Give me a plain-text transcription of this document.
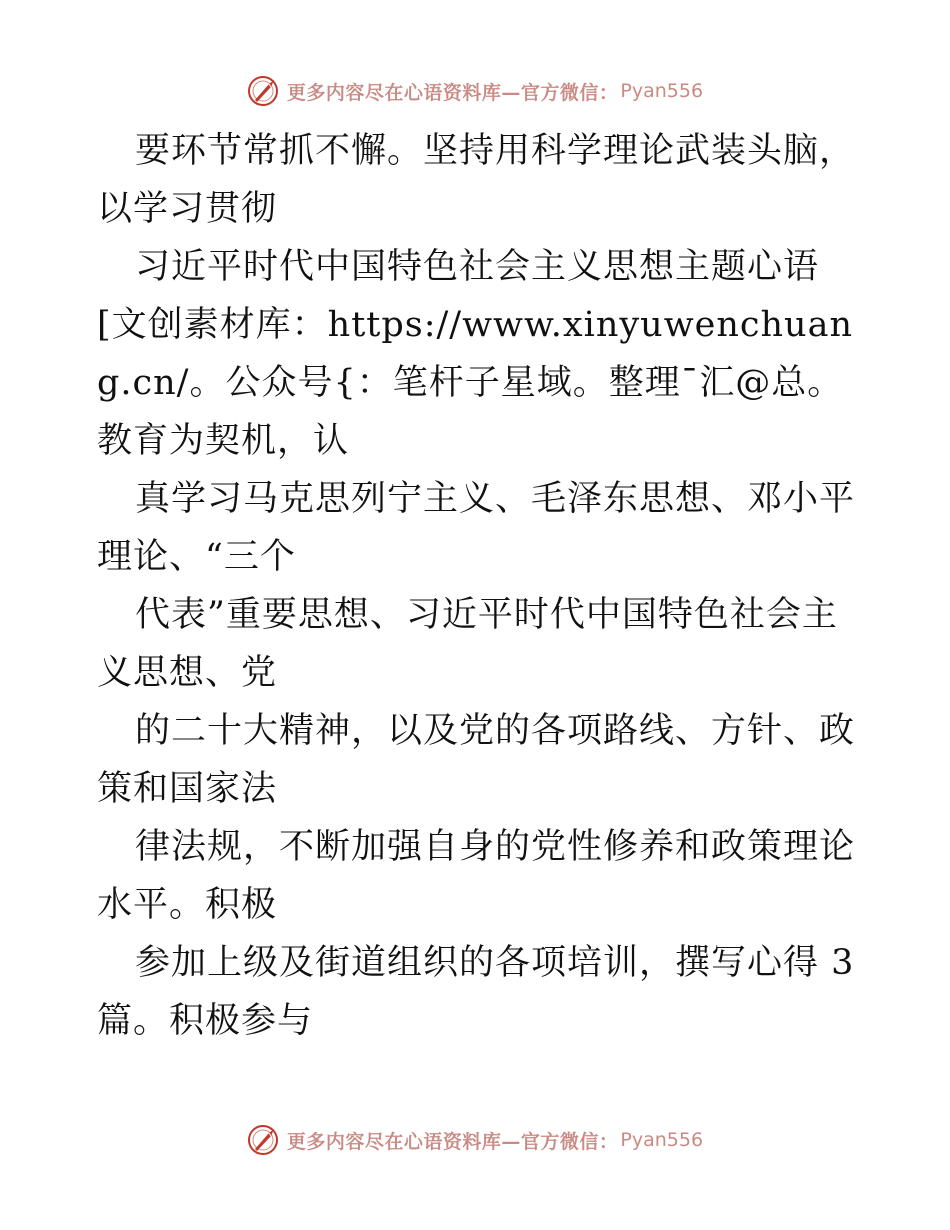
更多内容尽在心语资料库—官方微信： Pyan556

要环节常抓不懈。坚持用科学理论武装头脑，以学习贯彻

习近平时代中国特色社会主义思想主题心语[文创素材库：https://www.xinyuwenchuang.cn/。公众号{：笔杆子星域。整理¯汇@总。教育为契机，认

真学习马克思列宁主义、毛泽东思想、邓小平理论、“三个

代表”重要思想、习近平时代中国特色社会主义思想、党

的二十大精神，以及党的各项路线、方针、政策和国家法

律法规，不断加强自身的党性修养和政策理论水平。积极

参加上级及街道组织的各项培训，撰写心得 3 篇。积极参与

更多内容尽在心语资料库—官方微信： Pyan556
